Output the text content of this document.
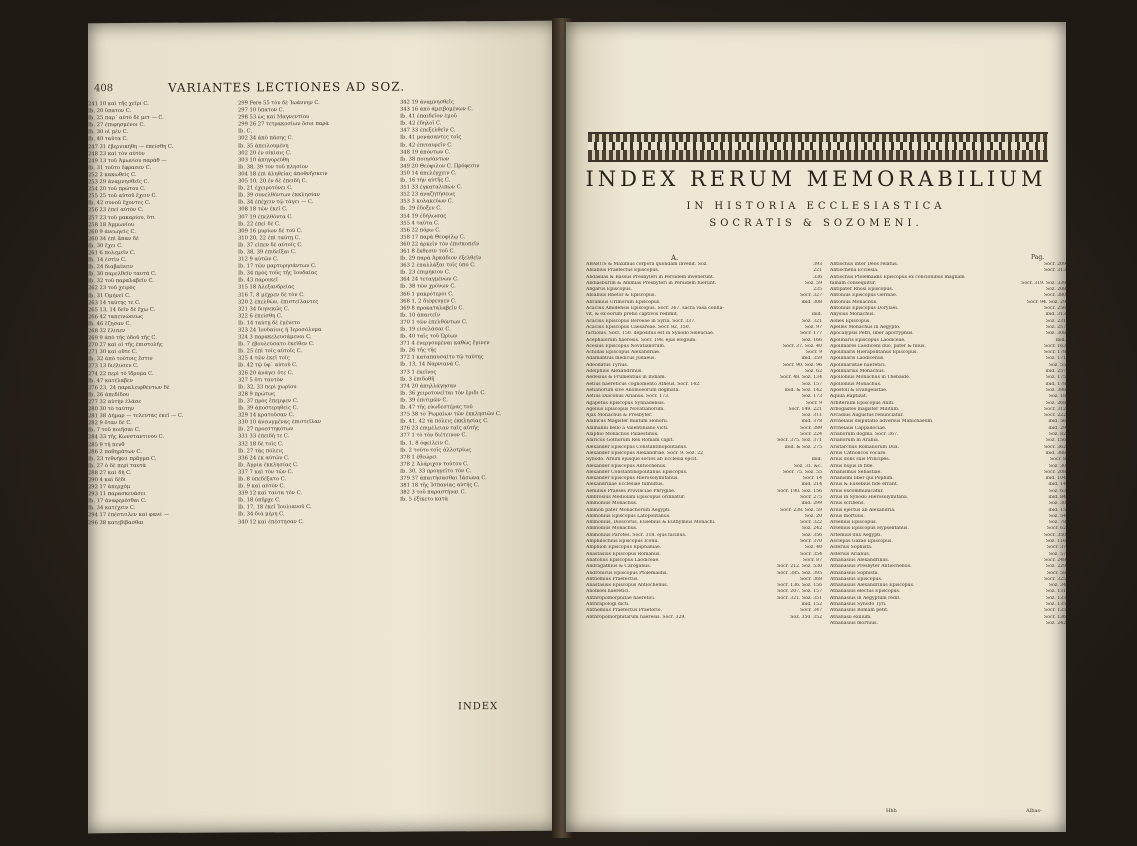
408	VARIANTES LECTIONES AD SOZ.
241 10 καὶ τῆς χεῖρι C.
Ib. 20 ὕπατον C.
Ib. 25 παρ᾽ αὐτὸ δὲ μετ — C.
Ib. 27 ἐπιφησμένοι C.
Ib. 30 οἱ μὲν C.
Ib. 40 ταῦτα C.
247 31 ἐβερνικήθη — ἐπείσθη C.
248 23 καὶ τὸν αὐτὸν
249 13 τοῦ Ἀμωνίου παράθ —
Ib. 31 τοῦτο ἔφρασεν C.
252 2 κακωθεὶς C.
253 29 ἀναμνησθεῖς C.
254 20 τοῦ πρώτου C.
255 25 τοῦ αὐτοῦ ἔχειν C.
Ib. 42 συνοῦ ἔχοντες C.
256 23 ἐπεὶ αὐτὸν C.
257 23 τοῦ μακαρίου, ὅτι
258 18 Ἀμμωνίου
260 9 ἀνεωγεὶς C.
260 34 ἐπὶ ἅπαν δὲ
Ib. 30 ἔχει C.
261 6 πολεμεῖν C.
Ib. 14 ἐστὶν C.
Ib. 24 διαβαίνειν
Ib. 30 παρελθεῖν ταυτὰ C.
Ib. 32 τοῦ παραλαβεῖν C.
262 23 τοῦ χειρὸς
Ib. 31 Ὀμήνεῖ C.
263 14 ταύτης τε C.
265 13, 14 δεῖν δὲ ἔχω C.
266 42 ταπεινώσεως
Ib. 46 ἔζησαν C.
268 32 ἔλιπεν
269 9 ἀπὸ τῆς ὁδοῦ τῆς C.
270 27 καὶ οἱ τῆς ἐπιστολῆς
271 30 καὶ οὔτε C.
Ib. 32 ἀπὸ τούτοις ἔστιν
273 13 διέλυσεν C.
274 22 περὶ τὸ ἴδρυμα C.
Ib. 47 κατέλαβεν
276 23, 24 παραλειφθέντων δὲ
Ib. 26 ἀπεδίδου
277 32 αὐτὴν ἐλάσε
280 30 τὸ ταύτην
281 38 Δήμαρ — τελευτὰς ἐκεῖ — C.
282 9 ὅταν δὲ C.
Ib. 7 τοῦ ποιῆσαι C.
284 33 τῆς Κωνσταντινου C.
285 9 τῆ πενθ
286 2 παθημάτων C.
Ib. 23 τεθνήκει πρᾶγμα C.
Ib. 27 ὁ δὲ περὶ ταυτὰ
288 27 καὶ δὴ C.
290 4 καὶ δέδι
292 17 ἀπερχόμ
293 11 παρασκευάσει
Ib. 17 ἀναφερέσθαι C.
Ib. 34 κατέχειν C.
294 17 ἐπέστειλεν καὶ φανὲ —
296 38 κατεβίβασθαι
299 Fere 55 τὸν δὲ Ἰωάννην C.
297 10 ὕπατον C.
298 53 ὡς καὶ Μαγνεντίου
299 26 27 τετρακοσίων ὅσοι παρὰ
Ib. C.
302 34 ἀπὸ πάσης C.
Ib. 35 ἀπειλουμένη
302 20 ἐν οἰκίαις C.
303 10 ἀπηγορεύθη
Ib. 38, 39 τὸν τοῦ πλησίον
304 18 ἐπὶ ἀληθείας ἀποθνήσκειν
305 10, 20 ἐν δὲ ἐπειδὴ C.
Ib. 21 ἐχειροτόνει C.
Ib. 39 συνελθόντων ἐκκλησίαν
Ib. 34 ἐπέχειν τῷ τάγει — C.
308 18 τῶν ἐκεῖ C.
307 19 ἐπελθόντα C.
Ib. 22 ἐπεὶ δὲ C.
309 16 μυρίων δὲ τοῦ C.
310 20, 22 ἐπὶ ταύτῃ C.
Ib. 37 εἶπεν δὲ αὐτοῖς C.
Ib. 38, 39 ἐπιδεῖξαι C.
312 9 αὐτῶν C.
Ib. 17 τῶν μαρτυρησάντων C.
Ib. 34 πρὸς τοῦς τῆς Ἰουδαίας
Ib. 43 παροικεῖ
315 18 Ἀλεξανδρείας
316 7, 8 μέχρεν δὲ τὸν C.
320 2 ἐπελθὼν, ἐπιστείλαντες
321 34 διηνεκῶς C.
322 6 ἐπείσθη C.
Ib. 14 ταύτῃ δὲ ἐγένετο
323 24 Ἰουδαίοις ἡ Ἱεροσόλυμα
324 3 παρακελευσάμενοι C.
Ib. 7 ἐβουλεύσατο ἐκεῖθεν C.
Ib. 25 ἐπὶ τοῖς αὐτοῖς C.
325 4 τῶν ἐκεῖ τοῖς
Ib. 42 τῷ ὑφ᾽ αὐτοῦ C.
326 20 ἀνάγει ὅτε C.
327 5 ὅτι ταυτὸν
Ib. 32, 33 περὶ χωρίου
328 9 πρώτως
Ib. 37 πρὸς ἔπεμψεν C.
Ib. 39 ἀποστερηθεὶς C.
329 14 κρατοῦσαν C.
330 10 ἀνεωγμένας ἐπιστεῖλαν
Ib. 27 προεστηκότων
331 33 ἐπειδὴ τε C.
332 18 δὲ τοῖς C.
Ib. 27 τὰς πόλεις
336 24 ἐκ αὐτῶν C.
Ib. Ἀγρία ἐκκλησίας C.
337 7 καὶ τὸν τῶν C.
Ib. 8 ὑπεδέξατο C.
Ib. 9 καὶ αὐτὸν C.
339 12 καὶ ταυτα τὸν C.
Ib. 18 ὑπῆρχε C.
Ib. 17, 18 ἐκεῖ Ἰουλιανοῦ C.
Ib. 34 διὰ μέρη C.
340 12 καὶ ἐπέστησαν C.
342 19 ἀναμνησθεῖς
343 16 ἀπὸ ἀμειβομένων C.
Ib. 41 ἐπαιδεῖον ἐμοῦ
Ib. 42 ἐδηλοῖ C.
347 33 ἐπεξελθεῖν C.
Ib. 41 μονάσαντες τοῖς
Ib. 42 ἐπιταυρεῖν C.
348 19 ἀπόντων C.
Ib. 38 ποιησάντων
349 20 Θεόφιλον C. Πρόφεσιν
350 14 ἀπελέγχειν C.
Ib. 16 τὴν αὐτῆς C.
351 33 ἐγκαταλιπὼν C.
352 23 ἀναζητήσεως
353 3 κολακεύων C.
Ib. 29 ἔδοξεν C.
354 19 ἐδήλωσας
355 4 ταῦτα C.
356 22 πόρω C.
358 17 παρὰ Θεοφίλῳ C.
360 22 ἀρκεῖν τὸν ἐπισκοπεῖν
361 8 ἔκθεσιν τοῦ C.
Ib. 29 παρὰ Ἀρκάδιον ἐξελθεῖν
363 2 ἐπαλλάξαι τοῖς ὑπό C.
Ib. 23 ἐπιμήκιον C.
364 24 τεταγμένων C.
Ib. 38 τῶν χρόνων C.
366 1 μακρότεροι C.
368 1, 2 διέφευγεν C.
369 8 προκαταλαβεῖν C.
Ib. 10 ἀπαιτεῖν
370 1 τῶν ἐπελθόντων C.
Ib. 19 εἰσελάσαι C.
Ib. 40 ταῖς τοῦ Ὠρίων
371 4 ἐνεργουμέναι καθὼς ἔγινεν
Ib. 26 τῆς τῆς
372 1 καταπαυσαίτο τῷ ταύτης
Ib. 13, 14 Ναρνιανὰ C.
373 1 ἐκεῖνος
Ib. 3 ἐπιδοθῆ
374 20 ἀπηλλάγησαν
Ib. 36 χειροτονεῖται τὸν ἔριδι C.
Ib. 39 ἐπιτιμῶν C.
Ib. 47 τῆς εὐωδεστέρας τοῦ
375 38 τὸ Ῥωμαίων τῶν ἐκκλησιῶν C.
Ib. 41, 42 τὰ πόλεις ἐκκλησίας C.
376 23 ἐπιμέλειαν ταῖς αὐτῆς
377 1 τὸ τὸν διέτεινον C.
Ib. 1, 8 ὀφείλειν C.
Ib. 2 τούτο τοῖς ἀλλοτρίως
378 1 ἐθεώρει
378 2 Ἀλάριχον τούτου C.
Ib. 30, 33 προηγεῖτο τὸν C.
379 37 ἀπαιτήσασθαι Ἱάσωνα C.
381 18 τῆς Ἰσπανίας αὐτῆς C.
382 3 τοῦ παραστήναι C.
Ib. 5 ἐξίκετο κατὰ
INDEX
INDEX RERUM MEMORABILIUM
IN HISTORIA ECCLESIASTICA
SOCRATIS & SOZOMENI.
A.	Pag.
ABARUS & Maximus corpora quondam invenit. Soz.	393
Ablabius Praefectus Episcopus.	221
Abdasilas & Bassus Presbyteri in Persidem invenerunt.	336
Abdiasburim & Ammias Presbyteri in Persidem fuerunt.	Soz. 59
Abgarus Episcopus.	235
Ablabius Rhetor & Episcopus.	Socr. 327
Abramius Urimorum Episcopus.	ibid. 308
Acacius Amidensis Episcopus. Socr. 367. sacra vasa confla-
vit, & ex eorum pretio captivos redimit.	ibid.
Acacius Episcopus Beroeae in Syria. Socr. 337.	Soz. 321
Acacius Episcopus Caesareae. Socr. 82, 150.	Soz. 97
factionis. Socr. 150. depositus est in Synodo Seleuciae.	Socr. 177
Acephalorum haeresis. Socr. 198. ejus elogium.	Soz. 166
Acesius Episcopus Novatianorum.	Socr. 37. Soz. 40
Achillas Episcopus Alexandriae.	Socr. 9
Adamantius medicus Judaeus.	ibid. 359
Adeodatus Tyrius.	Socr. 90. Soz. 96
Adelphius Alexandrinus.	Soz. 62
Aedesius & Frumentius in Indiam.	Socr. 48. Soz. 134
Aetius haereticus cognomento Atheus. Socr. 142.	Soz. 157
Aetianorum sive Anomoeorum dogmata.	ibid. & Soz. 142
Aetius Diaconus Arianus. Socr. 173.	Soz. 173
Agapetus Episcopus Synnadensis.	Socr. 9
Agelius Episcopus Novatianorum.	Socr. 149. 221
Ajax Monachus & Presbyter.	Soz. 311
Alabicus Magister militum Honorii.	ibid. 378
Alamanni bello a Valentiniano victi.	Socr. 389
Alaphio Monachus Palaestinus.	Socr. 224
Alaricus Gothorum Rex Romam capit.	Socr. 375. Soz. 371
Alexander Episcopus Constantinopolitanus.	ibid. & Soz. 275
Alexander Episcopus Alexandriae. Socr. 9. Soz. 22
Synodo. Arium ejusque socios ab Ecclesia ejicit.	ibid.
Alexander Episcopus Antiochenus.	Soz. 31. &c.
Alexander Constantinopolitanus Episcopus.	Socr. 75. Soz. 55
Alexander Episcopus Hierosolymitanus.	Socr. 14
Alexandrinae Ecclesiae tumultus.	ibid. 214
Aemilius Praeses Provinciae Phrygiae.	Socr. 190. Soz. 156
Ambrosius Mediolani Episcopus ordinatur.	Socr. 275
Ammonius Monachus.	ibid. 299
Ammon pater Monachorum Aegypti.	Socr. 238. Soz. 59
Ammonius Episcopus Latopolitanus.	Soz. 20
Ammonius, Dioscorus, Eusebius & Euthymius Monachi.	Socr. 322
Ammonius Monachus.	Soz. 242
Ammonius Parotes. Socr. 318. ejus facinus.	Soz. 356
Amphilochius Episcopus Iconii.	Socr. 370
Amphion Episcopus Epiphaniae.	Soz. 40
Anastasius Episcopus Romanus.	Socr. 354
Anatolius Episcopus Laodiceae.	Socr. 87
Andragathius & Caroganus.	Socr. 212. Soz. 530
Andronicus Episcopus Ptolemaidis.	Socr. 385. Soz. 395
Anthemius Praefectus.	Socr. 368
Anastasius Episcopus Antiochenus.	Socr. 136. Soz. 156
Anomoei haeretici.	Socr. 207. Soz. 157
Anthropomorphitae haeretici.	Socr. 321. Soz. 351
Anthrapologi dicti.	ibid. 152
Anthemius Praefectus Praetorio.	Socr. 347
Anthropomorphitarum haeresis. Socr. 329.	Soz. 350. 352
Antiochus inter Deos relatus.	Socr. 209
Antiochena Ecclesia.	Socr. 313
Antiochus Ptolemaidis Episcopus ex concionibus magnam
famam consequitur.	Socr. 319. Soz. 339
Antipater Rhosi Episcopus.	Soz. 208
Antonius Episcopus Germae.	Socr. 380
Antonius Monachus.	Socr. 94. Soz. 29
Antonius Episcopus Dorylaei.	Socr. 256
Anysius Monachus.	ibid. 313
Aones Episcopus.	Soz. 231
Apelles Monachus in Aegypto.	Soz. 257
Apocalypsis Petri, liber apocryphus.	Soz. 308
Apolinaris Episcopus Laodiceae.	ibid.
Apollinares Laodiceni duo, pater & filius.	Socr. 163
Apollinaris Hierapolitanus Episcopus.	Socr. 178
Apollinaris Laodicenus.	Soz. 171
Apollinaristae haeretici.	Soz. 55
Apollinarius Monachus.	ibid. 257
Apollonius Monachus in Thebaide.	Soz. 175
Apollonius Monachus.	ibid. 178
Apostoli & Evangelistae.	Soz. 398
Aquila Baptizat.	Soz. 18
Arbiterium Episcopus Aniti.	Soz. 268
Arbogastes magister Militum.	Socr. 312
Arcadius Augustus renunciatur.	Socr. 222
Archelaus disputatio adversus Manichaeum.	ibid. 56
Archelaus Cappadociae.	ibid. 29
Arianorum dogma. Socr. 367.	Soz. 82
Arianorum in Arabia.	Soz. 156
Aristarchus Romanorum Dux.	Socr. 362
Arius Catholicos vocare.	ibid. 388
Arius dolis suis Principes.	Socr. 8
Arius hujus in fide.	Soz. 30
Arianismus Sebastiae.	Socr. 208
Arianismi liber qui Pophim.	ibid. 104
Arius & Eusebius fide errant.	ibid. 14
Arius excommunicatur.	Soz. 63
Arius in Synodo Hierosolymitana.	ibid. 84
Arius scribens.	Soz. 30
Arius ejectus ab Alexandria.	ibid. 15
Arius mortuus.	Soz. 54
Arsenius Episcopus.	Soz. 78
Arsenius Episcopus Hypselitanus.	Socr. 62
Artemius dux Aegypti.	Socr. 350
Asclepas Gazae Episcopus.	Soz. 116
Asterius Sophista.	Socr. 37
Asterius Arianus.	Soz. 57
Athanasius Alexandrinus.	Socr. 248
Athanasius Presbyter Antiochenus.	Soz. 229
Athanasius Sophista.	Socr. 58
Athanasius Episcopus.	Socr. 325
Athanasius Alexandrinus Episcopus.	Soz. 34
Athanasius electus Episcopus.	Soz. 131
Athanasius in Aegyptum redit.	Soz. 133
Athanasius Synodo Tyri.	Soz. 135
Athanasius Romam petit.	Socr. 135
Athanasii exilium.	Socr. 136
Athanasius mortuus.	Soz. 242
Hhh	Albas-
